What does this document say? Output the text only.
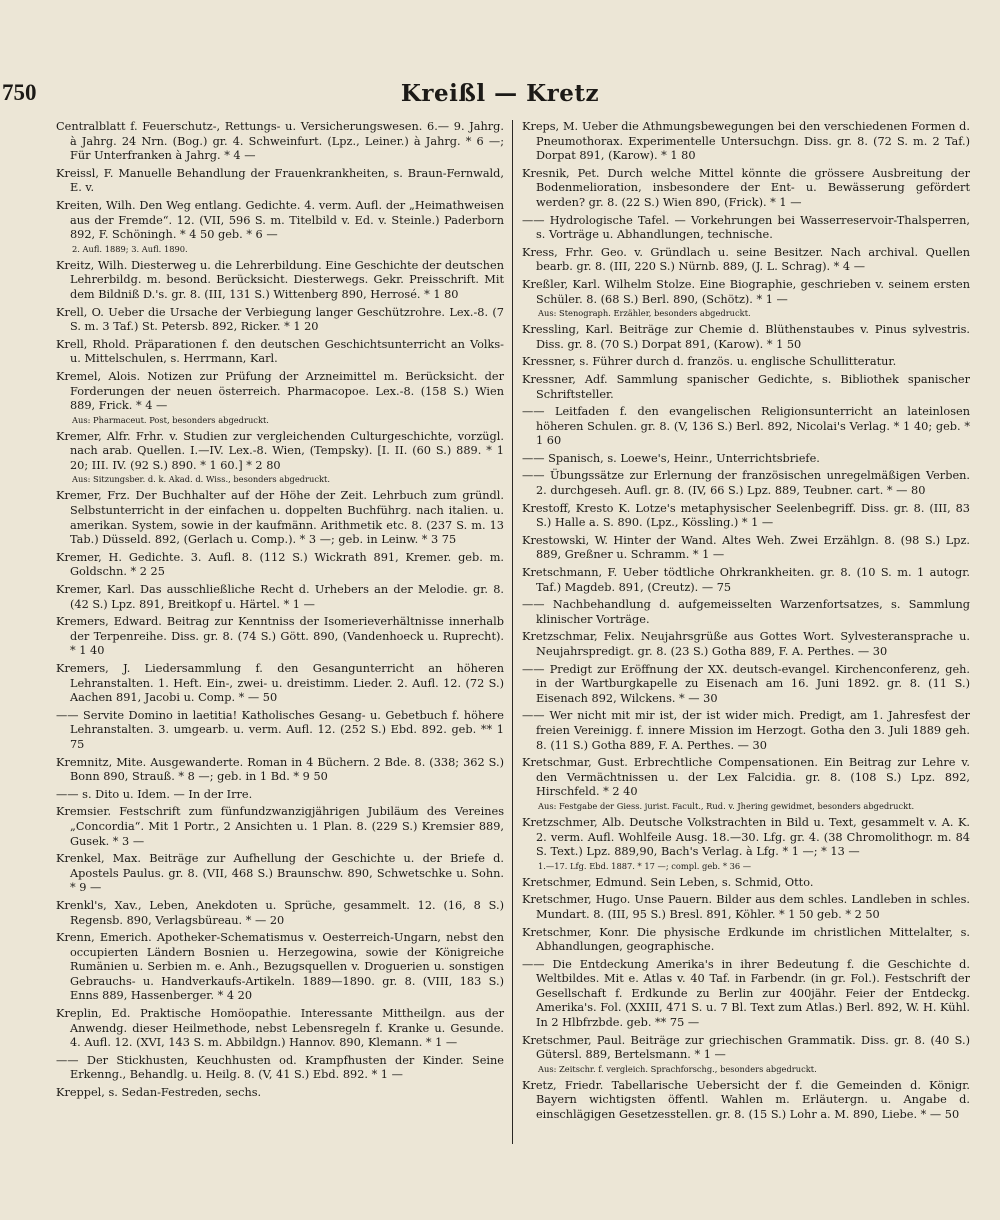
750	Kreißl — Kretz
Centralblatt f. Feuerschutz-, Rettungs- u. Versicherungswesen. 6.— 9. Jahrg. à Jahrg. 24 Nrn. (Bog.) gr. 4. Schweinfurt. (Lpz., Leiner.) à Jahrg. * 6 —; Für Unterfranken à Jahrg. * 4 —
Kreissl, F. Manuelle Behandlung der Frauenkrankheiten, s. Braun-Fernwald, E. v.
Kreiten, Wilh. Den Weg entlang. Gedichte. 4. verm. Aufl. der „Heimathweisen aus der Fremde“. 12. (VII, 596 S. m. Titelbild v. Ed. v. Steinle.) Paderborn 892, F. Schöningh. * 4 50 geb. * 6 —
2. Aufl. 1889; 3. Aufl. 1890.
Kreitz, Wilh. Diesterweg u. die Lehrerbildung. Eine Geschichte der deutschen Lehrerbildg. m. besond. Berücksicht. Diesterwegs. Gekr. Preisschrift. Mit dem Bildniß D.'s. gr. 8. (III, 131 S.) Wittenberg 890, Herrosé. * 1 80
Krell, O. Ueber die Ursache der Verbiegung langer Geschützrohre. Lex.-8. (7 S. m. 3 Taf.) St. Petersb. 892, Ricker. * 1 20
Krell, Rhold. Präparationen f. den deutschen Geschichtsunterricht an Volks- u. Mittelschulen, s. Herrmann, Karl.
Kremel, Alois. Notizen zur Prüfung der Arzneimittel m. Berücksicht. der Forderungen der neuen österreich. Pharmacopoe. Lex.-8. (158 S.) Wien 889, Frick. * 4 —
Aus: Pharmaceut. Post, besonders abgedruckt.
Kremer, Alfr. Frhr. v. Studien zur vergleichenden Culturgeschichte, vorzügl. nach arab. Quellen. I.—IV. Lex.-8. Wien, (Tempsky). [I. II. (60 S.) 889. * 1 20; III. IV. (92 S.) 890. * 1 60.] * 2 80
Aus: Sitzungsber. d. k. Akad. d. Wiss., besonders abgedruckt.
Kremer, Frz. Der Buchhalter auf der Höhe der Zeit. Lehrbuch zum gründl. Selbstunterricht in der einfachen u. doppelten Buchführg. nach italien. u. amerikan. System, sowie in der kaufmänn. Arithmetik etc. 8. (237 S. m. 13 Tab.) Düsseld. 892, (Gerlach u. Comp.). * 3 —; geb. in Leinw. * 3 75
Kremer, H. Gedichte. 3. Aufl. 8. (112 S.) Wickrath 891, Kremer. geb. m. Goldschn. * 2 25
Kremer, Karl. Das ausschließliche Recht d. Urhebers an der Melodie. gr. 8. (42 S.) Lpz. 891, Breitkopf u. Härtel. * 1 —
Kremers, Edward. Beitrag zur Kenntniss der Isomerieverhältnisse innerhalb der Terpenreihe. Diss. gr. 8. (74 S.) Gött. 890, (Vandenhoeck u. Ruprecht). * 1 40
Kremers, J. Liedersammlung f. den Gesangunterricht an höheren Lehranstalten. 1. Heft. Ein-, zwei- u. dreistimm. Lieder. 2. Aufl. 12. (72 S.) Aachen 891, Jacobi u. Comp. * — 50
—— Servite Domino in laetitia! Katholisches Gesang- u. Gebetbuch f. höhere Lehranstalten. 3. umgearb. u. verm. Aufl. 12. (252 S.) Ebd. 892. geb. ** 1 75
Kremnitz, Mite. Ausgewanderte. Roman in 4 Büchern. 2 Bde. 8. (338; 362 S.) Bonn 890, Strauß. * 8 —; geb. in 1 Bd. * 9 50
—— s. Dito u. Idem. — In der Irre.
Kremsier. Festschrift zum fünfundzwanzigjährigen Jubiläum des Vereines „Concordia“. Mit 1 Portr., 2 Ansichten u. 1 Plan. 8. (229 S.) Kremsier 889, Gusek. * 3 —
Krenkel, Max. Beiträge zur Aufhellung der Geschichte u. der Briefe d. Apostels Paulus. gr. 8. (VII, 468 S.) Braunschw. 890, Schwetschke u. Sohn. * 9 —
Krenkl's, Xav., Leben, Anekdoten u. Sprüche, gesammelt. 12. (16, 8 S.) Regensb. 890, Verlagsbüreau. * — 20
Krenn, Emerich. Apotheker-Schematismus v. Oesterreich-Ungarn, nebst den occupierten Ländern Bosnien u. Herzegowina, sowie der Königreiche Rumänien u. Serbien m. e. Anh., Bezugsquellen v. Droguerien u. sonstigen Gebrauchs- u. Handverkaufs-Artikeln. 1889—1890. gr. 8. (VIII, 183 S.) Enns 889, Hassenberger. * 4 20
Kreplin, Ed. Praktische Homöopathie. Interessante Mittheilgn. aus der Anwendg. dieser Heilmethode, nebst Lebensregeln f. Kranke u. Gesunde. 4. Aufl. 12. (XVI, 143 S. m. Abbildgn.) Hannov. 890, Klemann. * 1 —
—— Der Stickhusten, Keuchhusten od. Krampfhusten der Kinder. Seine Erkenng., Behandlg. u. Heilg. 8. (V, 41 S.) Ebd. 892. * 1 —
Kreppel, s. Sedan-Festreden, sechs.
Kreps, M. Ueber die Athmungsbewegungen bei den verschiedenen Formen d. Pneumothorax. Experimentelle Untersuchgn. Diss. gr. 8. (72 S. m. 2 Taf.) Dorpat 891, (Karow). * 1 80
Kresnik, Pet. Durch welche Mittel könnte die grössere Ausbreitung der Bodenmelioration, insbesondere der Ent- u. Bewässerung gefördert werden? gr. 8. (22 S.) Wien 890, (Frick). * 1 —
—— Hydrologische Tafel. — Vorkehrungen bei Wasserreservoir-Thalsperren, s. Vorträge u. Abhandlungen, technische.
Kress, Frhr. Geo. v. Gründlach u. seine Besitzer. Nach archival. Quellen bearb. gr. 8. (III, 220 S.) Nürnb. 889, (J. L. Schrag). * 4 —
Kreßler, Karl. Wilhelm Stolze. Eine Biographie, geschrieben v. seinem ersten Schüler. 8. (68 S.) Berl. 890, (Schötz). * 1 —
Aus: Stenograph. Erzähler, besonders abgedruckt.
Kressling, Karl. Beiträge zur Chemie d. Blüthenstaubes v. Pinus sylvestris. Diss. gr. 8. (70 S.) Dorpat 891, (Karow). * 1 50
Kressner, s. Führer durch d. französ. u. englische Schullitteratur.
Kressner, Adf. Sammlung spanischer Gedichte, s. Bibliothek spanischer Schriftsteller.
—— Leitfaden f. den evangelischen Religionsunterricht an lateinlosen höheren Schulen. gr. 8. (V, 136 S.) Berl. 892, Nicolai's Verlag. * 1 40; geb. * 1 60
—— Spanisch, s. Loewe's, Heinr., Unterrichtsbriefe.
—— Übungssätze zur Erlernung der französischen unregelmäßigen Verben. 2. durchgeseh. Aufl. gr. 8. (IV, 66 S.) Lpz. 889, Teubner. cart. * — 80
Krestoff, Kresto K. Lotze's metaphysischer Seelenbegriff. Diss. gr. 8. (III, 83 S.) Halle a. S. 890. (Lpz., Kössling.) * 1 —
Krestowski, W. Hinter der Wand. Altes Weh. Zwei Erzählgn. 8. (98 S.) Lpz. 889, Greßner u. Schramm. * 1 —
Kretschmann, F. Ueber tödtliche Ohrkrankheiten. gr. 8. (10 S. m. 1 autogr. Taf.) Magdeb. 891, (Creutz). — 75
—— Nachbehandlung d. aufgemeisselten Warzenfortsatzes, s. Sammlung klinischer Vorträge.
Kretzschmar, Felix. Neujahrsgrüße aus Gottes Wort. Sylvesteransprache u. Neujahrspredigt. gr. 8. (23 S.) Gotha 889, F. A. Perthes. — 30
—— Predigt zur Eröffnung der XX. deutsch-evangel. Kirchenconferenz, geh. in der Wartburgkapelle zu Eisenach am 16. Juni 1892. gr. 8. (11 S.) Eisenach 892, Wilckens. * — 30
—— Wer nicht mit mir ist, der ist wider mich. Predigt, am 1. Jahresfest der freien Vereinigg. f. innere Mission im Herzogt. Gotha den 3. Juli 1889 geh. 8. (11 S.) Gotha 889, F. A. Perthes. — 30
Kretschmar, Gust. Erbrechtliche Compensationen. Ein Beitrag zur Lehre v. den Vermächtnissen u. der Lex Falcidia. gr. 8. (108 S.) Lpz. 892, Hirschfeld. * 2 40
Aus: Festgabe der Giess. jurist. Facult., Rud. v. Jhering gewidmet, besonders abgedruckt.
Kretzschmer, Alb. Deutsche Volkstrachten in Bild u. Text, gesammelt v. A. K. 2. verm. Aufl. Wohlfeile Ausg. 18.—30. Lfg. gr. 4. (38 Chromolithogr. m. 84 S. Text.) Lpz. 889,90, Bach's Verlag. à Lfg. * 1 —; * 13 —
1.—17. Lfg. Ebd. 1887. * 17 —; compl. geb. * 36 —
Kretschmer, Edmund. Sein Leben, s. Schmid, Otto.
Kretschmer, Hugo. Unse Pauern. Bilder aus dem schles. Landleben in schles. Mundart. 8. (III, 95 S.) Bresl. 891, Köhler. * 1 50 geb. * 2 50
Kretschmer, Konr. Die physische Erdkunde im christlichen Mittelalter, s. Abhandlungen, geographische.
—— Die Entdeckung Amerika's in ihrer Bedeutung f. die Geschichte d. Weltbildes. Mit e. Atlas v. 40 Taf. in Farbendr. (in gr. Fol.). Festschrift der Gesellschaft f. Erdkunde zu Berlin zur 400jähr. Feier der Entdeckg. Amerika's. Fol. (XXIII, 471 S. u. 7 Bl. Text zum Atlas.) Berl. 892, W. H. Kühl. In 2 Hlbfrzbde. geb. ** 75 —
Kretschmer, Paul. Beiträge zur griechischen Grammatik. Diss. gr. 8. (40 S.) Gütersl. 889, Bertelsmann. * 1 —
Aus: Zeitschr. f. vergleich. Sprachforschg., besonders abgedruckt.
Kretz, Friedr. Tabellarische Uebersicht der f. die Gemeinden d. Königr. Bayern wichtigsten öffentl. Wahlen m. Erläutergn. u. Angabe d. einschlägigen Gesetzesstellen. gr. 8. (15 S.) Lohr a. M. 890, Liebe. * — 50
